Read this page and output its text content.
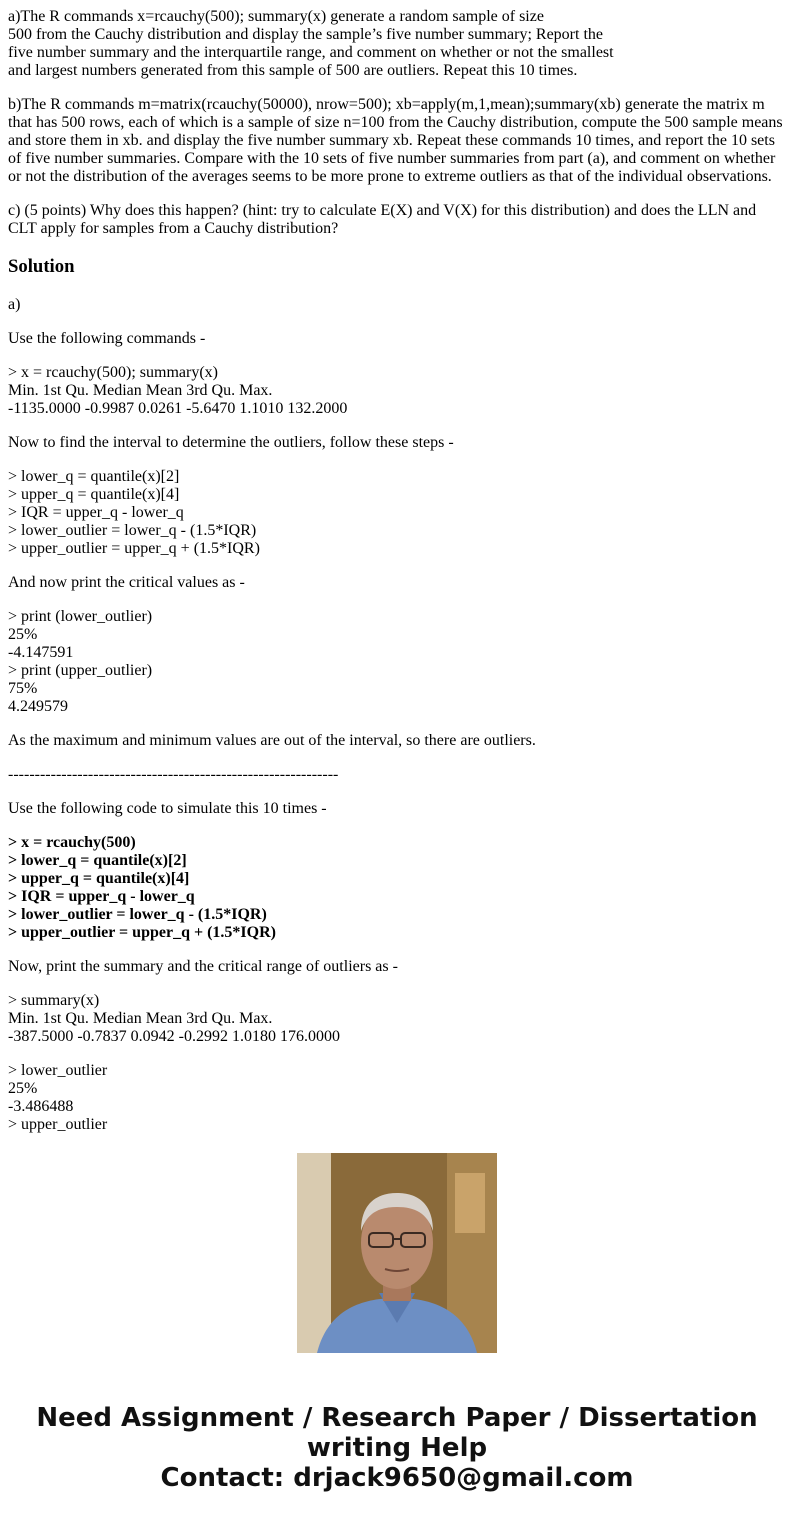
a)The R commands x=rcauchy(500); summary(x) generate a random sample of size
500 from the Cauchy distribution and display the sample’s five number summary; Report the
five number summary and the interquartile range, and comment on whether or not the smallest
and largest numbers generated from this sample of 500 are outliers. Repeat this 10 times.

b)The R commands m=matrix(rcauchy(50000), nrow=500); xb=apply(m,1,mean);summary(xb) generate the matrix m
that has 500 rows, each of which is a sample of size n=100 from the Cauchy distribution, compute the 500 sample means
and store them in xb. and display the five number summary xb. Repeat these commands 10 times, and report the 10 sets
of five number summaries. Compare with the 10 sets of five number summaries from part (a), and comment on whether
or not the distribution of the averages seems to be more prone to extreme outliers as that of the individual observations.

c) (5 points) Why does this happen? (hint: try to calculate E(X) and V(X) for this distribution) and does the LLN and
CLT apply for samples from a Cauchy distribution?

Solution

a)

Use the following commands -

> x = rcauchy(500); summary(x)
Min. 1st Qu. Median Mean 3rd Qu. Max.
-1135.0000 -0.9987 0.0261 -5.6470 1.1010 132.2000

Now to find the interval to determine the outliers, follow these steps -

> lower_q = quantile(x)[2]
> upper_q = quantile(x)[4]
> IQR = upper_q - lower_q
> lower_outlier = lower_q - (1.5*IQR)
> upper_outlier = upper_q + (1.5*IQR)

And now print the critical values as -

> print (lower_outlier)
25%
-4.147591
> print (upper_outlier)
75%
4.249579

As the maximum and minimum values are out of the interval, so there are outliers.

--------------------------------------------------------------

Use the following code to simulate this 10 times -

> x = rcauchy(500)
> lower_q = quantile(x)[2]
> upper_q = quantile(x)[4]
> IQR = upper_q - lower_q
> lower_outlier = lower_q - (1.5*IQR)
> upper_outlier = upper_q + (1.5*IQR)

Now, print the summary and the critical range of outliers as -

> summary(x)
Min. 1st Qu. Median Mean 3rd Qu. Max.
-387.5000 -0.7837 0.0942 -0.2992 1.0180 176.0000

> lower_outlier
25%
-3.486488
> upper_outlier

Need Assignment / Research Paper / Dissertation
writing Help
Contact: drjack9650@gmail.com
